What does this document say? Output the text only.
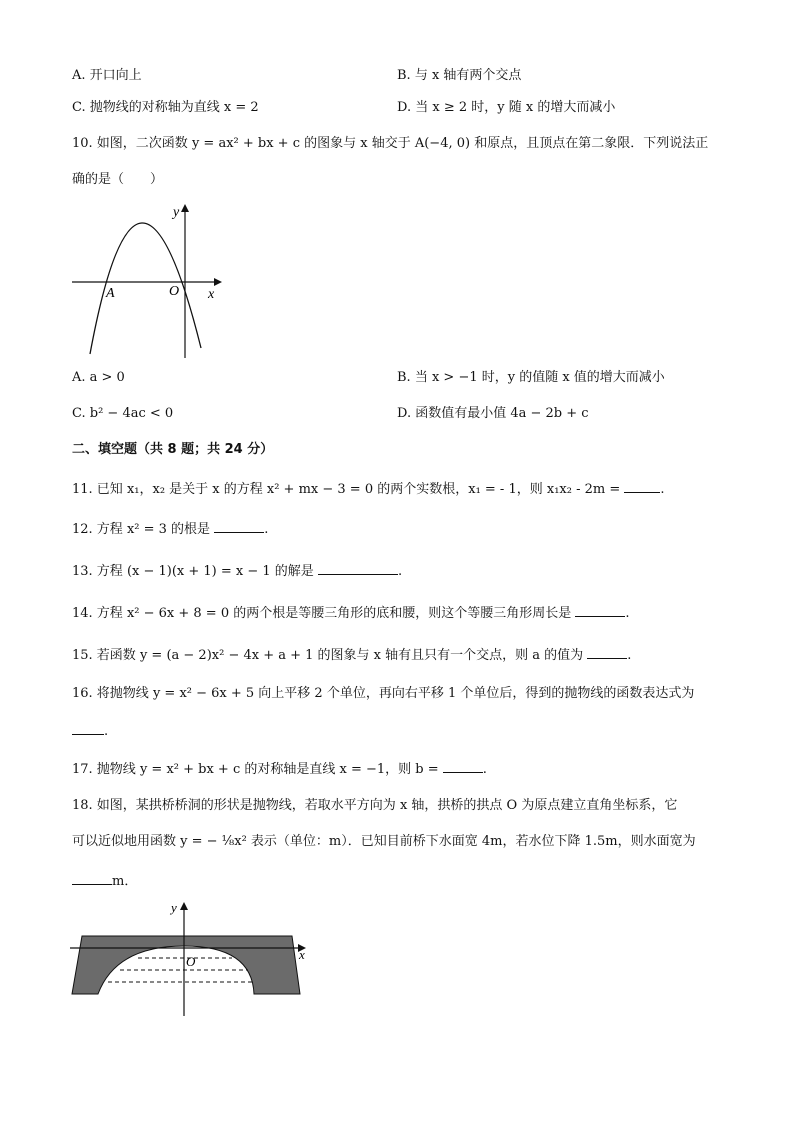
A. 开口向上	B. 与 x 轴有两个交点
C. 抛物线的对称轴为直线 x = 2	D. 当 x ≥ 2 时，y 随 x 的增大而减小
10. 如图，二次函数 y = ax² + bx + c 的图象与 x 轴交于 A(−4, 0) 和原点，且顶点在第二象限．下列说法正
确的是（　　）
y
x
O
A
A. a > 0	B. 当 x > −1 时，y 的值随 x 值的增大而减小
C. b² − 4ac < 0	D. 函数值有最小值 4a − 2b + c
二、填空题（共 8 题；共 24 分）
11. 已知 x₁，x₂ 是关于 x 的方程 x² + mx − 3 = 0 的两个实数根，x₁ = - 1，则 x₁x₂ - 2m =	.
12. 方程 x² = 3 的根是	.
13. 方程 (x − 1)(x + 1) = x − 1 的解是	.
14. 方程 x² − 6x + 8 = 0 的两个根是等腰三角形的底和腰，则这个等腰三角形周长是	.
15. 若函数 y = (a − 2)x² − 4x + a + 1 的图象与 x 轴有且只有一个交点，则 a 的值为	.
16. 将抛物线 y = x² − 6x + 5 向上平移 2 个单位，再向右平移 1 个单位后，得到的抛物线的函数表达式为
.
17. 抛物线 y = x² + bx + c 的对称轴是直线 x = −1，则 b =	.
18. 如图，某拱桥桥洞的形状是抛物线，若取水平方向为 x 轴，拱桥的拱点 O 为原点建立直角坐标系，它
可以近似地用函数 y = − ⅛x² 表示（单位：m）．已知目前桥下水面宽 4m，若水位下降 1.5m，则水面宽为
m．
y
x
O
